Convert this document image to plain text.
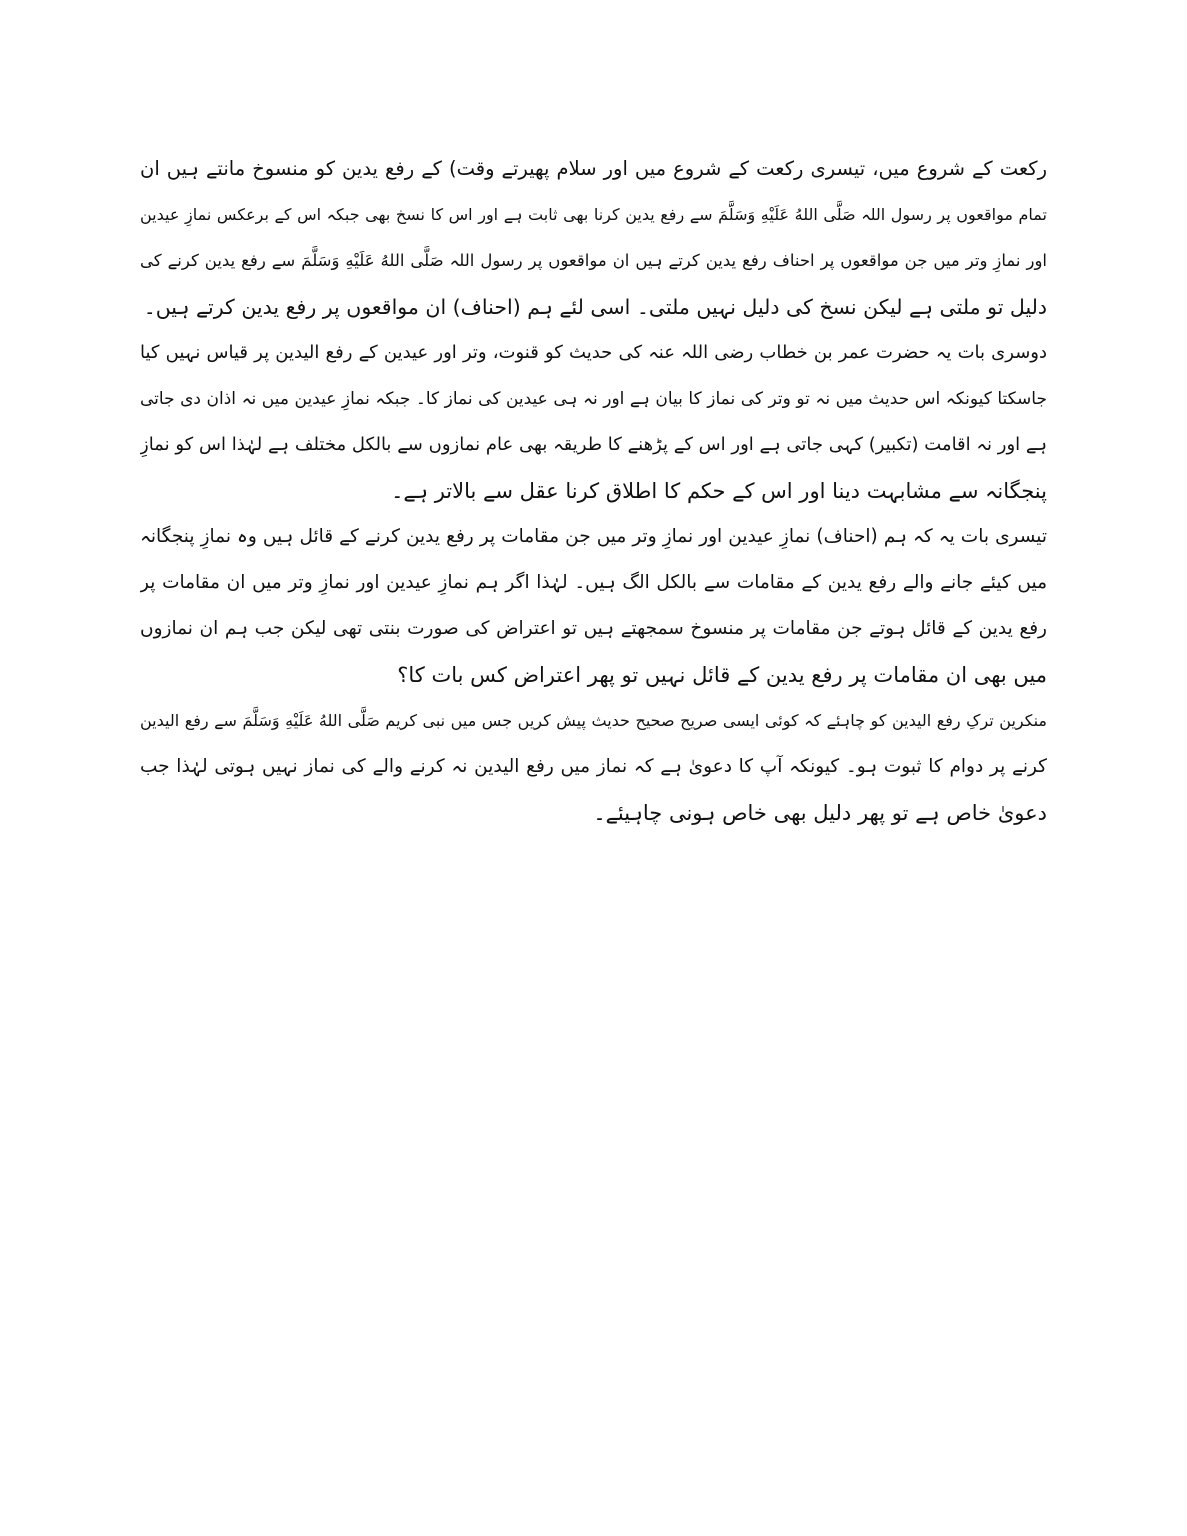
رکعت کے شروع میں، تیسری رکعت کے شروع میں اور سلام پھیرتے وقت) کے رفع یدین کو منسوخ مانتے ہیں ان
تمام مواقعوں پر رسول اللہ صَلَّى اللهُ عَلَيْهِ وَسَلَّمَ سے رفع یدین کرنا بھی ثابت ہے اور اس کا نسخ بھی جبکہ اس کے برعکس نمازِ عیدین
اور نمازِ وتر میں جن مواقعوں پر احناف رفع یدین کرتے ہیں ان مواقعوں پر رسول اللہ صَلَّى اللهُ عَلَيْهِ وَسَلَّمَ سے رفع یدین کرنے کی
دلیل تو ملتی ہے لیکن نسخ کی دلیل نہیں ملتی۔ اسی لئے ہم (احناف) ان مواقعوں پر رفع یدین کرتے ہیں۔
دوسری بات یہ حضرت عمر بن خطاب رضی اللہ عنہ کی حدیث کو قنوت، وتر اور عیدین کے رفع الیدین پر قیاس نہیں کیا
جاسکتا کیونکہ اس حدیث میں نہ تو وتر کی نماز کا بیان ہے اور نہ ہی عیدین کی نماز کا۔ جبکہ نمازِ عیدین میں نہ اذان دی جاتی
ہے اور نہ اقامت (تکبیر) کہی جاتی ہے اور اس کے پڑھنے کا طریقہ بھی عام نمازوں سے بالکل مختلف ہے لہٰذا اس کو نمازِ
پنجگانہ سے مشابہت دینا اور اس کے حکم کا اطلاق کرنا عقل سے بالاتر ہے۔
تیسری بات یہ کہ ہم (احناف) نمازِ عیدین اور نمازِ وتر میں جن مقامات پر رفع یدین کرنے کے قائل ہیں وہ نمازِ پنجگانہ
میں کیئے جانے والے رفع یدین کے مقامات سے بالکل الگ ہیں۔ لہٰذا اگر ہم نمازِ عیدین اور نمازِ وتر میں ان مقامات پر
رفع یدین کے قائل ہوتے جن مقامات پر منسوخ سمجھتے ہیں تو اعتراض کی صورت بنتی تھی لیکن جب ہم ان نمازوں
میں بھی ان مقامات پر رفع یدین کے قائل نہیں تو پھر اعتراض کس بات کا؟
منکرین ترکِ رفع الیدین کو چاہئے کہ کوئی ایسی صریح صحیح حدیث پیش کریں جس میں نبی کریم صَلَّى اللهُ عَلَيْهِ وَسَلَّمَ سے رفع الیدین
کرنے پر دوام کا ثبوت ہو۔ کیونکہ آپ کا دعویٰ ہے کہ نماز میں رفع الیدین نہ کرنے والے کی نماز نہیں ہوتی لہٰذا جب
دعویٰ خاص ہے تو پھر دلیل بھی خاص ہونی چاہیئے۔
